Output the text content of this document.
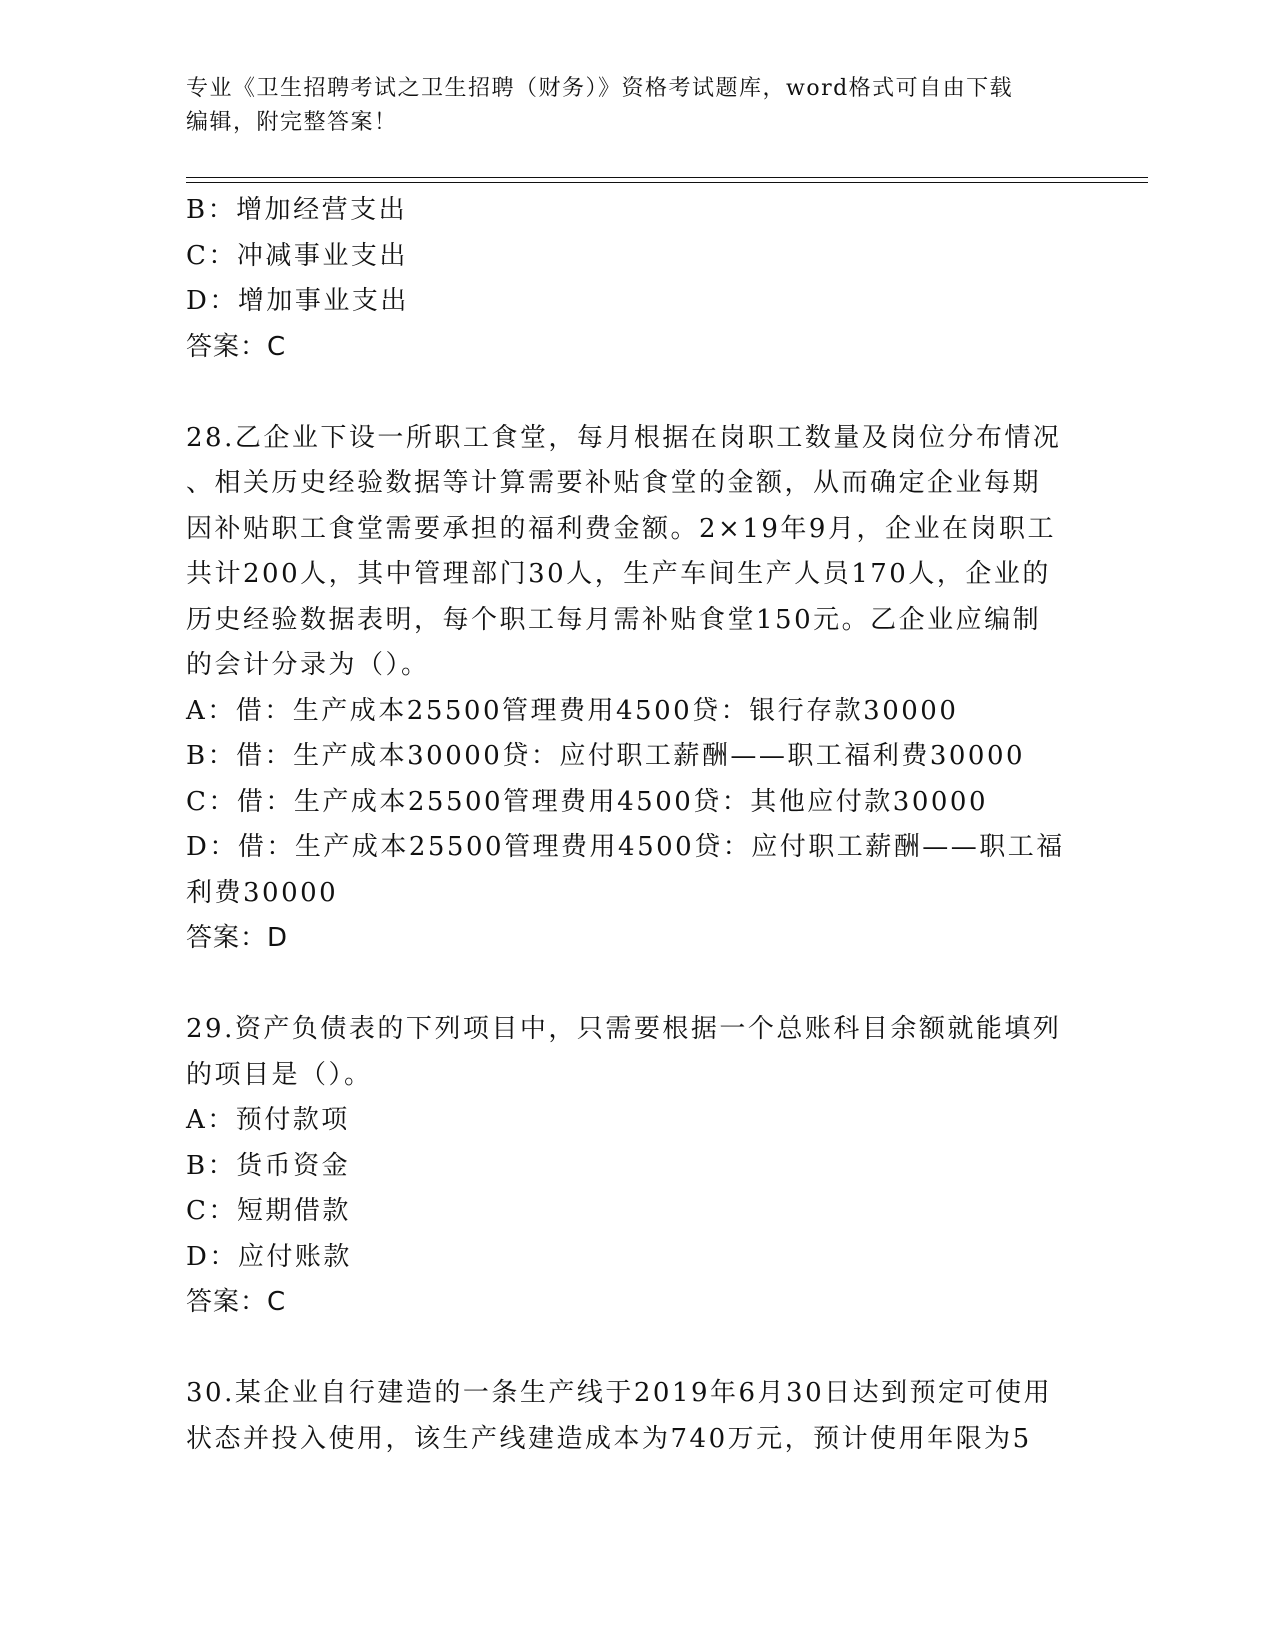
专业《卫生招聘考试之卫生招聘（财务）》资格考试题库，word格式可自由下载
编辑，附完整答案！
B：增加经营支出
C：冲减事业支出
D：增加事业支出
答案：C
28.乙企业下设一所职工食堂，每月根据在岗职工数量及岗位分布情况
、相关历史经验数据等计算需要补贴食堂的金额，从而确定企业每期
因补贴职工食堂需要承担的福利费金额。2×19年9月，企业在岗职工
共计200人，其中管理部门30人，生产车间生产人员170人，企业的
历史经验数据表明，每个职工每月需补贴食堂150元。乙企业应编制
的会计分录为（）。
A：借：生产成本25500管理费用4500贷：银行存款30000
B：借：生产成本30000贷：应付职工薪酬——职工福利费30000
C：借：生产成本25500管理费用4500贷：其他应付款30000
D：借：生产成本25500管理费用4500贷：应付职工薪酬——职工福
利费30000
答案：D
29.资产负债表的下列项目中，只需要根据一个总账科目余额就能填列
的项目是（）。
A：预付款项
B：货币资金
C：短期借款
D：应付账款
答案：C
30.某企业自行建造的一条生产线于2019年6月30日达到预定可使用
状态并投入使用，该生产线建造成本为740万元，预计使用年限为5
